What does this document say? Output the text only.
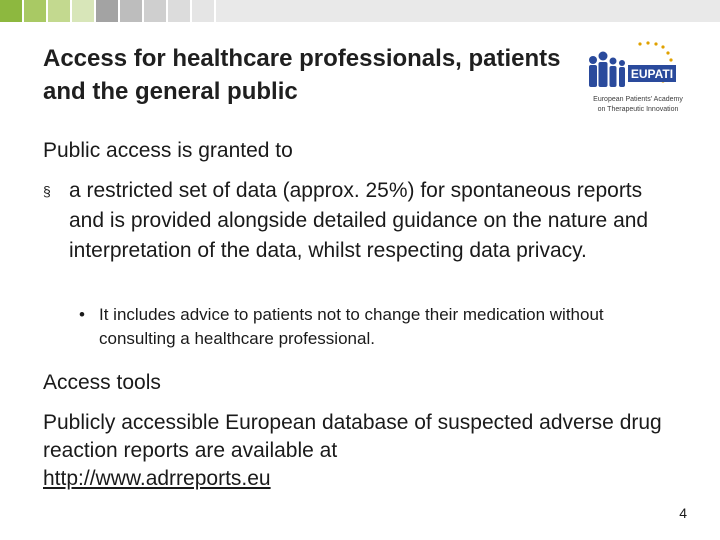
Access for healthcare professionals, patients and the general public
EUPATI
European Patients' Academy
on Therapeutic Innovation
Public access is granted to
§ a restricted set of data (approx. 25%) for spontaneous reports and is provided alongside detailed guidance on the nature and interpretation of the data, whilst respecting data privacy.
• It includes advice to patients not to change their medication without consulting a healthcare professional.
Access tools
Publicly accessible European database of suspected adverse drug reaction reports are available at
http://www.adrreports.eu
4
